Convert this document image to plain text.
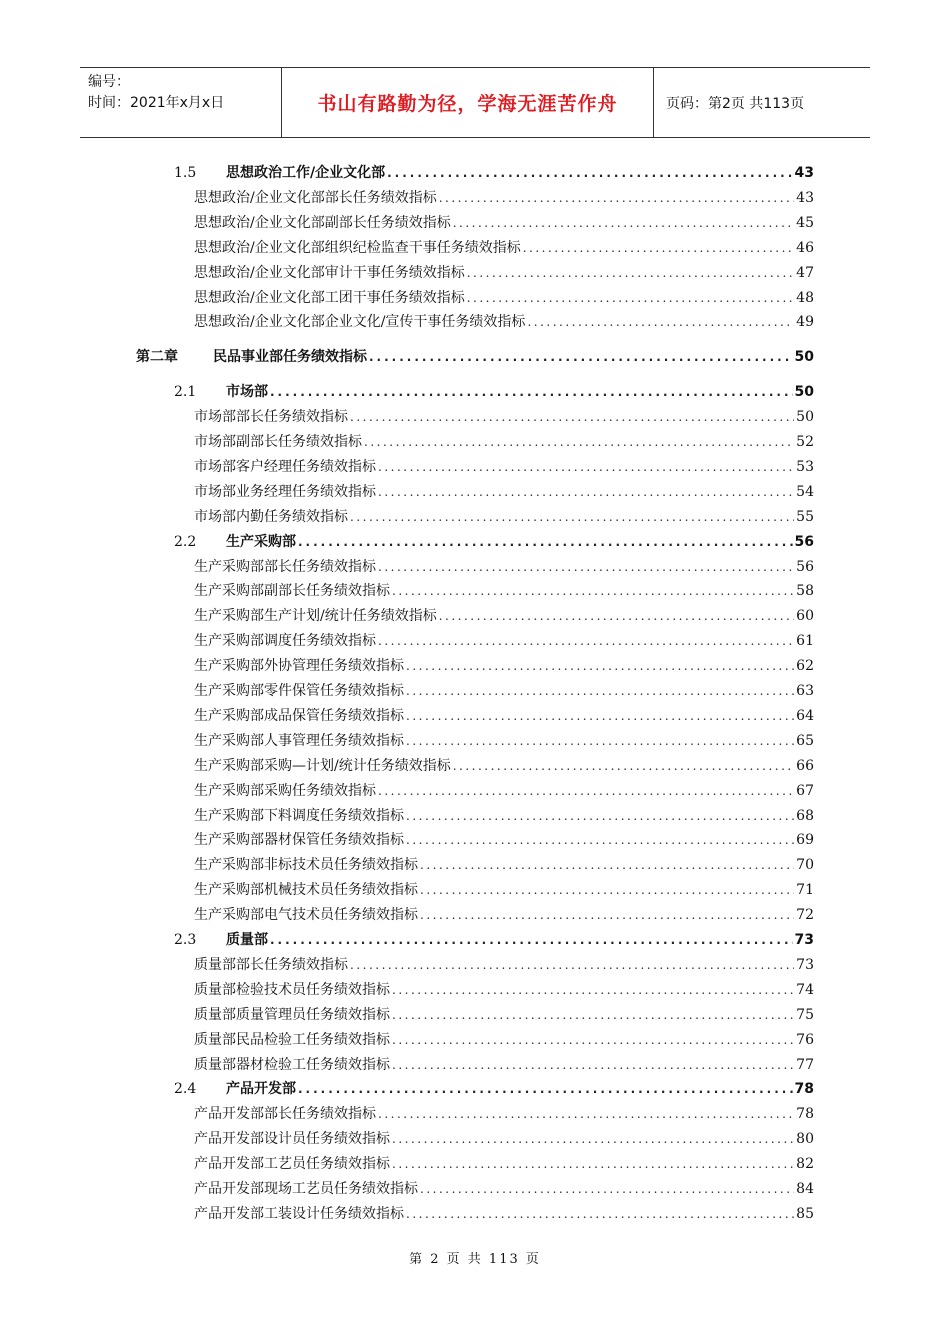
编号：
时间：2021年x月x日	书山有路勤为径，学海无涯苦作舟	页码：第2页 共113页
1.5	思想政治工作/企业文化部 .....	43
思想政治/企业文化部部长任务绩效指标 .....	43
思想政治/企业文化部副部长任务绩效指标 .....	45
思想政治/企业文化部组织纪检监查干事任务绩效指标 .....	46
思想政治/企业文化部审计干事任务绩效指标 .....	47
思想政治/企业文化部工团干事任务绩效指标 .....	48
思想政治/企业文化部企业文化/宣传干事任务绩效指标 .....	49
第二章	民品事业部任务绩效指标 .....	50
2.1	市场部 .....	50
市场部部长任务绩效指标 .....	50
市场部副部长任务绩效指标 .....	52
市场部客户经理任务绩效指标 .....	53
市场部业务经理任务绩效指标 .....	54
市场部内勤任务绩效指标 .....	55
2.2	生产采购部 .....	56
生产采购部部长任务绩效指标 .....	56
生产采购部副部长任务绩效指标 .....	58
生产采购部生产计划/统计任务绩效指标 .....	60
生产采购部调度任务绩效指标 .....	61
生产采购部外协管理任务绩效指标 .....	62
生产采购部零件保管任务绩效指标 .....	63
生产采购部成品保管任务绩效指标 .....	64
生产采购部人事管理任务绩效指标 .....	65
生产采购部采购—计划/统计任务绩效指标 .....	66
生产采购部采购任务绩效指标 .....	67
生产采购部下料调度任务绩效指标 .....	68
生产采购部器材保管任务绩效指标 .....	69
生产采购部非标技术员任务绩效指标 .....	70
生产采购部机械技术员任务绩效指标 .....	71
生产采购部电气技术员任务绩效指标 .....	72
2.3	质量部 .....	73
质量部部长任务绩效指标 .....	73
质量部检验技术员任务绩效指标 .....	74
质量部质量管理员任务绩效指标 .....	75
质量部民品检验工任务绩效指标 .....	76
质量部器材检验工任务绩效指标 .....	77
2.4	产品开发部 .....	78
产品开发部部长任务绩效指标 .....	78
产品开发部设计员任务绩效指标 .....	80
产品开发部工艺员任务绩效指标 .....	82
产品开发部现场工艺员任务绩效指标 .....	84
产品开发部工装设计任务绩效指标 .....	85
第 2 页 共 113 页
